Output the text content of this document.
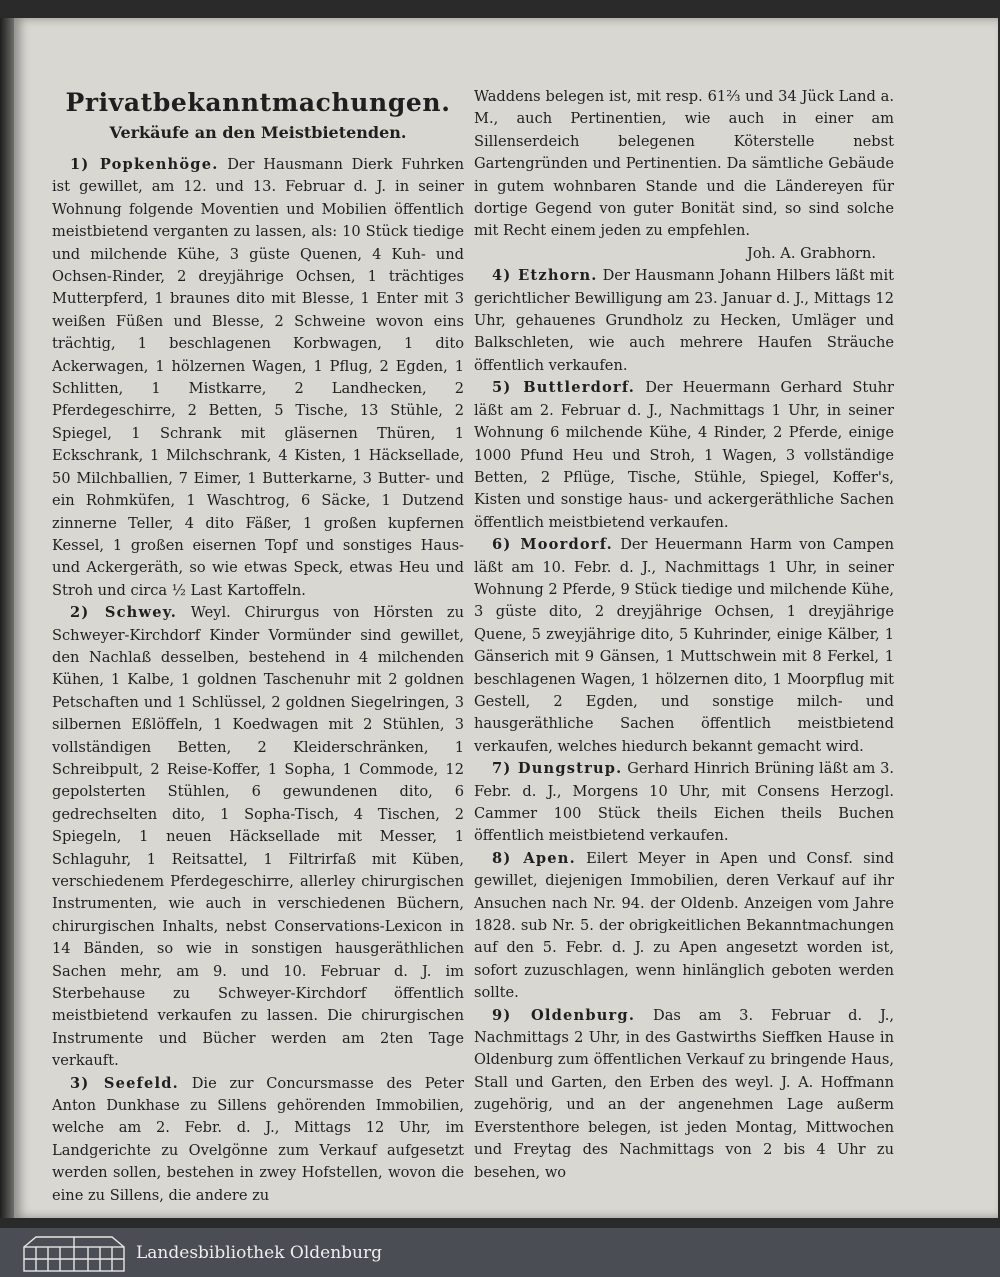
Privatbekanntmachungen.
Verkäufe an den Meistbietenden.
1) Popkenhöge. Der Hausmann Dierk Fuhrken ist gewillet, am 12. und 13. Februar d. J. in seiner Wohnung folgende Moventien und Mobilien öffentlich meistbietend verganten zu lassen, als: 10 Stück tiedige und milchende Kühe, 3 güste Quenen, 4 Kuh- und Ochsen-Rinder, 2 dreyjährige Ochsen, 1 trächtiges Mutterpferd, 1 braunes dito mit Blesse, 1 Enter mit 3 weißen Füßen und Blesse, 2 Schweine wovon eins trächtig, 1 beschlagenen Korbwagen, 1 dito Ackerwagen, 1 hölzernen Wagen, 1 Pflug, 2 Egden, 1 Schlitten, 1 Mistkarre, 2 Landhecken, 2 Pferdegeschirre, 2 Betten, 5 Tische, 13 Stühle, 2 Spiegel, 1 Schrank mit gläsernen Thüren, 1 Eckschrank, 1 Milchschrank, 4 Kisten, 1 Häcksellade, 50 Milchballien, 7 Eimer, 1 Butterkarne, 3 Butter- und ein Rohmküfen, 1 Waschtrog, 6 Säcke, 1 Dutzend zinnerne Teller, 4 dito Fäßer, 1 großen kupfernen Kessel, 1 großen eisernen Topf und sonstiges Haus- und Ackergeräth, so wie etwas Speck, etwas Heu und Stroh und circa ½ Last Kartoffeln.
2) Schwey. Weyl. Chirurgus von Hörsten zu Schweyer-Kirchdorf Kinder Vormünder sind gewillet, den Nachlaß desselben, bestehend in 4 milchenden Kühen, 1 Kalbe, 1 goldnen Taschenuhr mit 2 goldnen Petschaften und 1 Schlüssel, 2 goldnen Siegelringen, 3 silbernen Eßlöffeln, 1 Koedwagen mit 2 Stühlen, 3 vollständigen Betten, 2 Kleiderschränken, 1 Schreibpult, 2 Reise-Koffer, 1 Sopha, 1 Commode, 12 gepolsterten Stühlen, 6 gewundenen dito, 6 gedrechselten dito, 1 Sopha-Tisch, 4 Tischen, 2 Spiegeln, 1 neuen Häcksellade mit Messer, 1 Schlaguhr, 1 Reitsattel, 1 Filtrirfaß mit Küben, verschiedenem Pferdegeschirre, allerley chirurgischen Instrumenten, wie auch in verschiedenen Büchern, chirurgischen Inhalts, nebst Conservations-Lexicon in 14 Bänden, so wie in sonstigen hausgeräthlichen Sachen mehr, am 9. und 10. Februar d. J. im Sterbehause zu Schweyer-Kirchdorf öffentlich meistbietend verkaufen zu lassen. Die chirurgischen Instrumente und Bücher werden am 2ten Tage verkauft.
3) Seefeld. Die zur Concursmasse des Peter Anton Dunkhase zu Sillens gehörenden Immobilien, welche am 2. Febr. d. J., Mittags 12 Uhr, im Landgerichte zu Ovelgönne zum Verkauf aufgesetzt werden sollen, bestehen in zwey Hofstellen, wovon die eine zu Sillens, die andere zu
Waddens belegen ist, mit resp. 61⅔ und 34 Jück Land a. M., auch Pertinentien, wie auch in einer am Sillenserdeich belegenen Köterstelle nebst Gartengründen und Pertinentien. Da sämtliche Gebäude in gutem wohnbaren Stande und die Ländereyen für dortige Gegend von guter Bonität sind, so sind solche mit Recht einem jeden zu empfehlen.
Joh. A. Grabhorn.
4) Etzhorn. Der Hausmann Johann Hilbers läßt mit gerichtlicher Bewilligung am 23. Januar d. J., Mittags 12 Uhr, gehauenes Grundholz zu Hecken, Umläger und Balkschleten, wie auch mehrere Haufen Sträuche öffentlich verkaufen.
5) Buttlerdorf. Der Heuermann Gerhard Stuhr läßt am 2. Februar d. J., Nachmittags 1 Uhr, in seiner Wohnung 6 milchende Kühe, 4 Rinder, 2 Pferde, einige 1000 Pfund Heu und Stroh, 1 Wagen, 3 vollständige Betten, 2 Pflüge, Tische, Stühle, Spiegel, Koffer's, Kisten und sonstige haus- und ackergeräthliche Sachen öffentlich meistbietend verkaufen.
6) Moordorf. Der Heuermann Harm von Campen läßt am 10. Febr. d. J., Nachmittags 1 Uhr, in seiner Wohnung 2 Pferde, 9 Stück tiedige und milchende Kühe, 3 güste dito, 2 dreyjährige Ochsen, 1 dreyjährige Quene, 5 zweyjährige dito, 5 Kuhrinder, einige Kälber, 1 Gänserich mit 9 Gänsen, 1 Muttschwein mit 8 Ferkel, 1 beschlagenen Wagen, 1 hölzernen dito, 1 Moorpflug mit Gestell, 2 Egden, und sonstige milch- und hausgeräthliche Sachen öffentlich meistbietend verkaufen, welches hiedurch bekannt gemacht wird.
7) Dungstrup. Gerhard Hinrich Brüning läßt am 3. Febr. d. J., Morgens 10 Uhr, mit Consens Herzogl. Cammer 100 Stück theils Eichen theils Buchen öffentlich meistbietend verkaufen.
8) Apen. Eilert Meyer in Apen und Consf. sind gewillet, diejenigen Immobilien, deren Verkauf auf ihr Ansuchen nach Nr. 94. der Oldenb. Anzeigen vom Jahre 1828. sub Nr. 5. der obrigkeitlichen Bekanntmachungen auf den 5. Febr. d. J. zu Apen angesetzt worden ist, sofort zuzuschlagen, wenn hinlänglich geboten werden sollte.
9) Oldenburg. Das am 3. Februar d. J., Nachmittags 2 Uhr, in des Gastwirths Sieffken Hause in Oldenburg zum öffentlichen Verkauf zu bringende Haus, Stall und Garten, den Erben des weyl. J. A. Hoffmann zugehörig, und an der angenehmen Lage außerm Everstenthore belegen, ist jeden Montag, Mittwochen und Freytag des Nachmittags von 2 bis 4 Uhr zu besehen, wo
Landesbibliothek Oldenburg
